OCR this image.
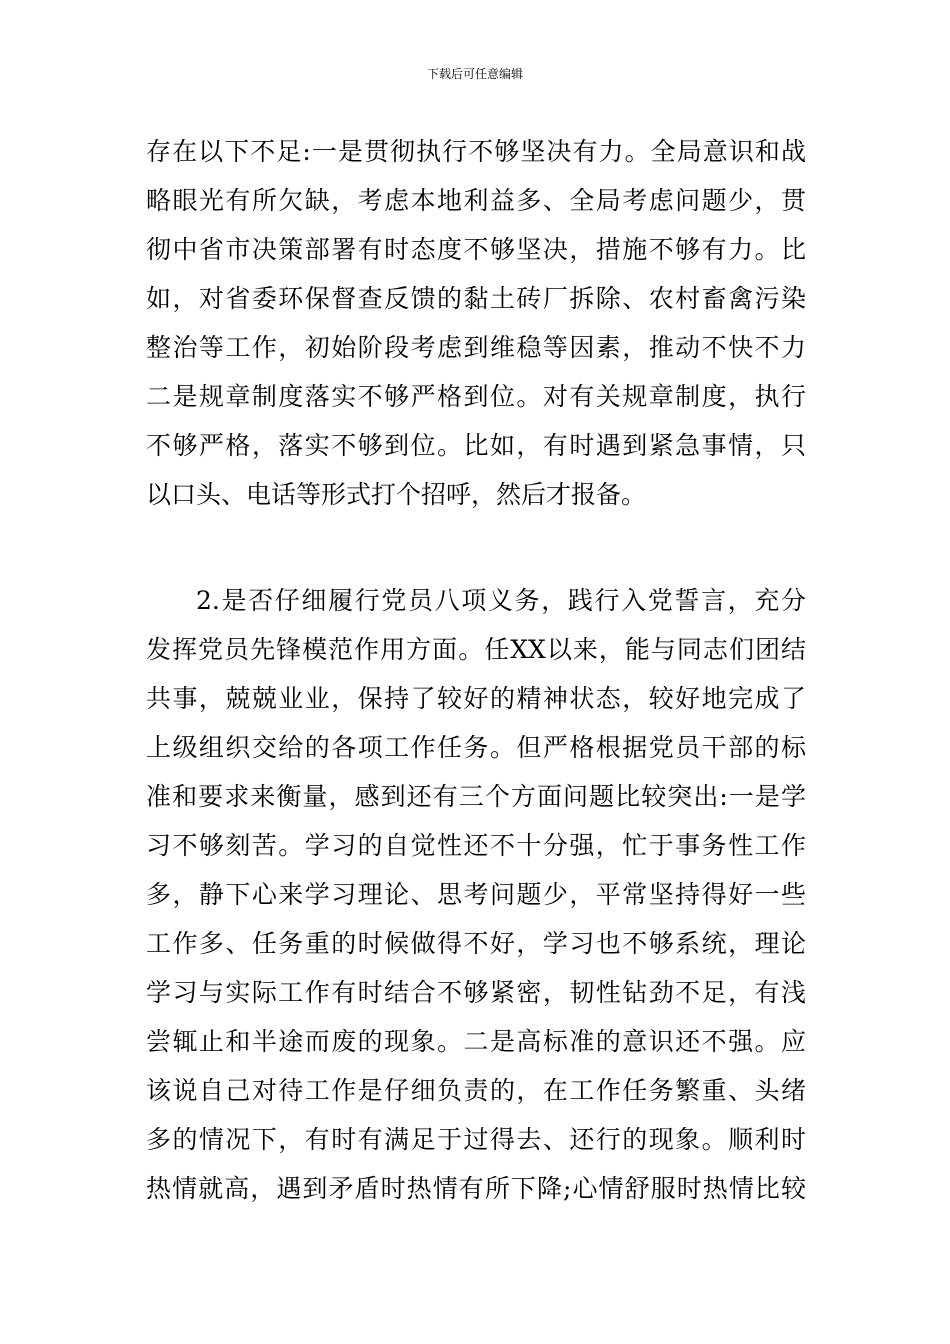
下载后可任意编辑
存在以下不足:一是贯彻执行不够坚决有力。全局意识和战
略眼光有所欠缺，考虑本地利益多、全局考虑问题少，贯
彻中省市决策部署有时态度不够坚决，措施不够有力。比
如，对省委环保督查反馈的黏土砖厂拆除、农村畜禽污染
整治等工作，初始阶段考虑到维稳等因素，推动不快不力
二是规章制度落实不够严格到位。对有关规章制度，执行
不够严格，落实不够到位。比如，有时遇到紧急事情，只
以口头、电话等形式打个招呼，然后才报备。
2.是否仔细履行党员八项义务，践行入党誓言，充分
发挥党员先锋模范作用方面。任XX以来，能与同志们团结
共事，兢兢业业，保持了较好的精神状态，较好地完成了
上级组织交给的各项工作任务。但严格根据党员干部的标
准和要求来衡量，感到还有三个方面问题比较突出:一是学
习不够刻苦。学习的自觉性还不十分强，忙于事务性工作
多，静下心来学习理论、思考问题少，平常坚持得好一些
工作多、任务重的时候做得不好，学习也不够系统，理论
学习与实际工作有时结合不够紧密，韧性钻劲不足，有浅
尝辄止和半途而废的现象。二是高标准的意识还不强。应
该说自己对待工作是仔细负责的，在工作任务繁重、头绪
多的情况下，有时有满足于过得去、还行的现象。顺利时
热情就高，遇到矛盾时热情有所下降;心情舒服时热情比较
